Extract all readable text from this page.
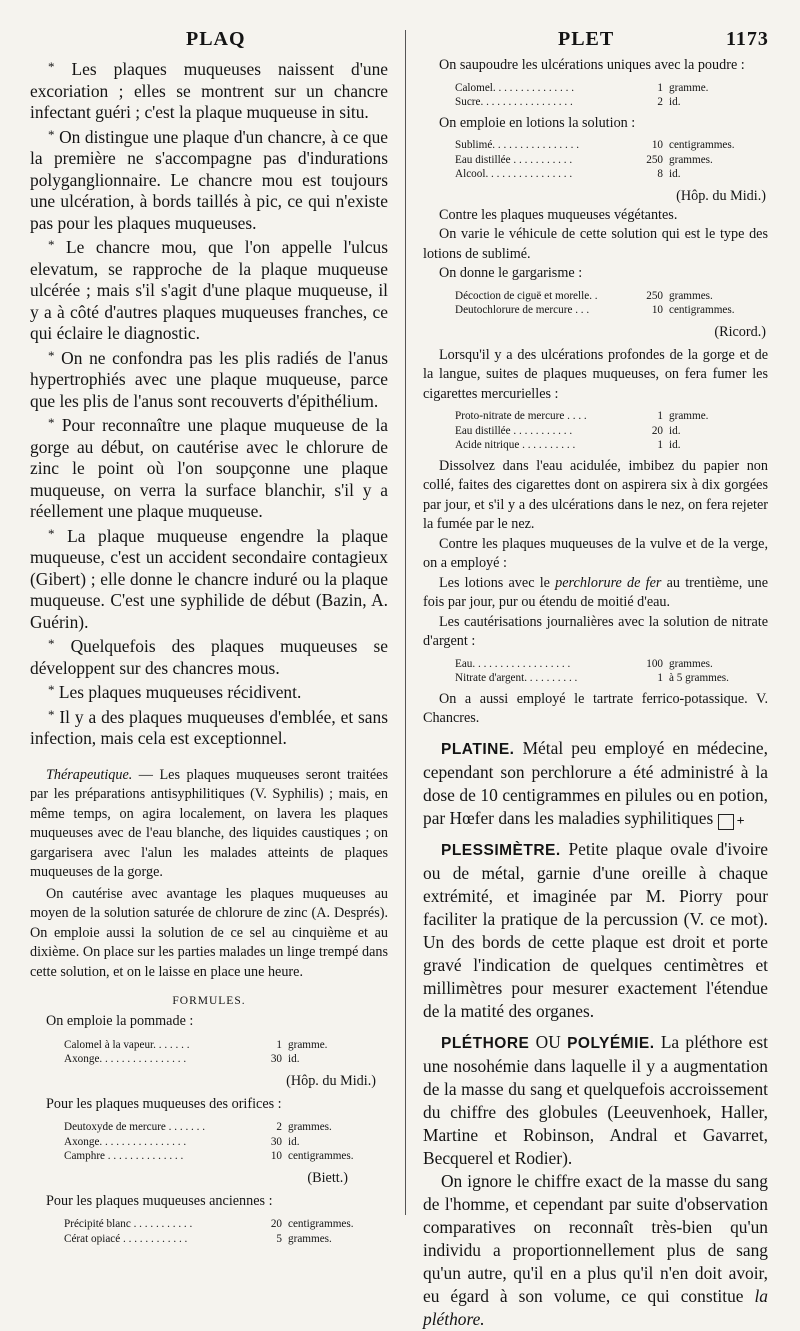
PLAQ	PLET	1173

* Les plaques muqueuses naissent d'une excoriation ; elles se montrent sur un chancre infectant guéri ; c'est la plaque muqueuse in situ.

* On distingue une plaque d'un chancre, à ce que la première ne s'accompagne pas d'indurations polyganglionnaire. Le chancre mou est toujours une ulcération, à bords taillés à pic, ce qui n'existe pas pour les plaques muqueuses.

* Le chancre mou, que l'on appelle l'ulcus elevatum, se rapproche de la plaque muqueuse ulcérée ; mais s'il s'agit d'une plaque muqueuse, il y a à côté d'autres plaques muqueuses franches, ce qui éclaire le diagnostic.

* On ne confondra pas les plis radiés de l'anus hypertrophiés avec une plaque muqueuse, parce que les plis de l'anus sont recouverts d'épithélium.

* Pour reconnaître une plaque muqueuse de la gorge au début, on cautérise avec le chlorure de zinc le point où l'on soupçonne une plaque muqueuse, on verra la surface blanchir, s'il y a réellement une plaque muqueuse.

* La plaque muqueuse engendre la plaque muqueuse, c'est un accident secondaire contagieux (Gibert) ; elle donne le chancre induré ou la plaque muqueuse. C'est une syphilide de début (Bazin, A. Guérin).

* Quelquefois des plaques muqueuses se développent sur des chancres mous.

* Les plaques muqueuses récidivent.

* Il y a des plaques muqueuses d'emblée, et sans infection, mais cela est exceptionnel.

Thérapeutique. — Les plaques muqueuses seront traitées par les préparations antisyphilitiques (V. Syphilis) ; mais, en même temps, on agira localement, on lavera les plaques muqueuses avec de l'eau blanche, des liquides caustiques ; on gargarisera avec l'alun les malades atteints de plaques muqueuses de la gorge.

On cautérise avec avantage les plaques muqueuses au moyen de la solution saturée de chlorure de zinc (A. Després). On emploie aussi la solution de ce sel au cinquième et au dixième. On place sur les parties malades un linge trempé dans cette solution, et on le laisse en place une heure.

FORMULES.

On emploie la pommade :

Calomel à la vapeur. . . . . . .	1 gramme.
Axonge. . . . . . . . . . . . . . . .	30 id.
(Hôp. du Midi.)

Pour les plaques muqueuses des orifices :

Deutoxyde de mercure . . . . . . .	2 grammes.
Axonge. . . . . . . . . . . . . . . .	30 id.
Camphre . . . . . . . . . . . . . .	10 centigrammes.
(Biett.)

Pour les plaques muqueuses anciennes :

Précipité blanc . . . . . . . . . . .	20 centigrammes.
Cérat opiacé . . . . . . . . . . . .	5 grammes.

On saupoudre les ulcérations uniques avec la poudre :

Calomel. . . . . . . . . . . . . . .	1 gramme.
Sucre. . . . . . . . . . . . . . . . .	2 id.

On emploie en lotions la solution :

Sublimé. . . . . . . . . . . . . . . .	10 centigrammes.
Eau distillée . . . . . . . . . . .	250 grammes.
Alcool. . . . . . . . . . . . . . . .	8 id.
(Hôp. du Midi.)

Contre les plaques muqueuses végétantes.

On varie le véhicule de cette solution qui est le type des lotions de sublimé.

On donne le gargarisme :

Décoction de ciguë et morelle. .	250 grammes.
Deutochlorure de mercure . . .	10 centigrammes.
(Ricord.)

Lorsqu'il y a des ulcérations profondes de la gorge et de la langue, suites de plaques muqueuses, on fera fumer les cigarettes mercurielles :

Proto-nitrate de mercure . . . .	1 gramme.
Eau distillée . . . . . . . . . . .	20 id.
Acide nitrique . . . . . . . . . .	1 id.

Dissolvez dans l'eau acidulée, imbibez du papier non collé, faites des cigarettes dont on aspirera six à dix gorgées par jour, et s'il y a des ulcérations dans le nez, on fera rejeter la fumée par le nez.

Contre les plaques muqueuses de la vulve et de la verge, on a employé :

Les lotions avec le perchlorure de fer au trentième, une fois par jour, pur ou étendu de moitié d'eau.

Les cautérisations journalières avec la solution de nitrate d'argent :

Eau. . . . . . . . . . . . . . . . . .	100 grammes.
Nitrate d'argent. . . . . . . . . .	1 à 5 grammes.

On a aussi employé le tartrate ferrico-potassique. V. Chancres.

PLATINE. Métal peu employé en médecine, cependant son perchlorure a été administré à la dose de 10 centigrammes en pilules ou en potion, par Hœfer dans les maladies syphilitiques +

PLESSIMÈTRE. Petite plaque ovale d'ivoire ou de métal, garnie d'une oreille à chaque extrémité, et imaginée par M. Piorry pour faciliter la pratique de la percussion (V. ce mot). Un des bords de cette plaque est droit et porte gravé l'indication de quelques centimètres et millimètres pour mesurer exactement l'étendue de la matité des organes.

PLÉTHORE OU POLYÉMIE. La pléthore est une nosohémie dans laquelle il y a augmentation de la masse du sang et quelquefois accroissement du chiffre des globules (Leeuvenhoek, Haller, Martine et Robinson, Andral et Gavarret, Becquerel et Rodier).

On ignore le chiffre exact de la masse du sang de l'homme, et cependant par suite d'observation comparatives on reconnaît très-bien qu'un individu a proportionnellement plus de sang qu'un autre, qu'il en a plus qu'il n'en doit avoir, eu égard à son volume, ce qui constitue la pléthore.
